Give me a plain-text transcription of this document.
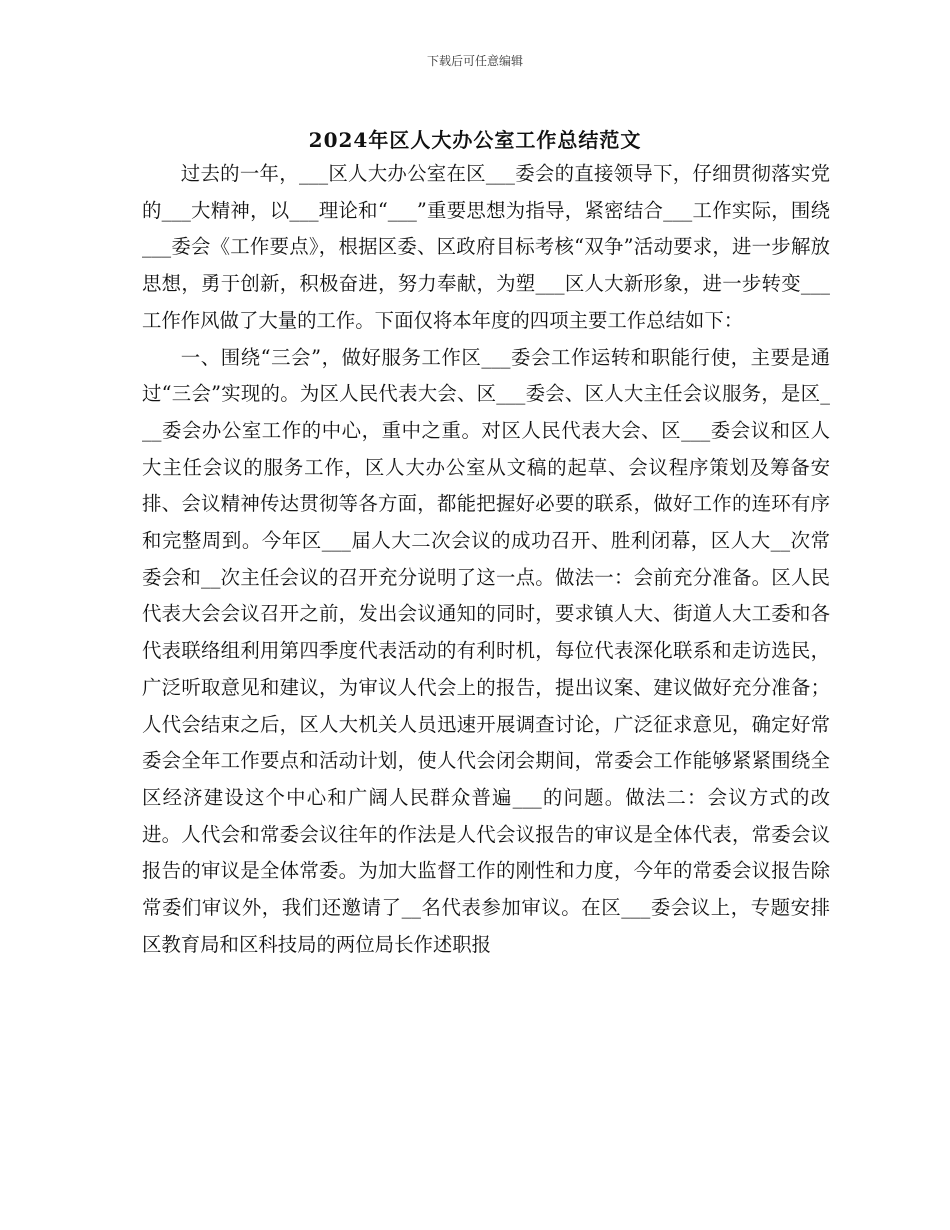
下载后可任意编辑
2024年区人大办公室工作总结范文

过去的一年，___区人大办公室在区___委会的直接领导下，仔细贯彻落实党的___大精神，以___理论和“___”重要思想为指导，紧密结合___工作实际，围绕___委会《工作要点》，根据区委、区政府目标考核“双争”活动要求，进一步解放思想，勇于创新，积极奋进，努力奉献，为塑___区人大新形象，进一步转变___工作作风做了大量的工作。下面仅将本年度的四项主要工作总结如下：

一、围绕“三会”，做好服务工作区___委会工作运转和职能行使，主要是通过“三会”实现的。为区人民代表大会、区___委会、区人大主任会议服务，是区___委会办公室工作的中心，重中之重。对区人民代表大会、区___委会议和区人大主任会议的服务工作，区人大办公室从文稿的起草、会议程序策划及筹备安排、会议精神传达贯彻等各方面，都能把握好必要的联系，做好工作的连环有序和完整周到。今年区___届人大二次会议的成功召开、胜利闭幕，区人大__次常委会和__次主任会议的召开充分说明了这一点。做法一：会前充分准备。区人民代表大会会议召开之前，发出会议通知的同时，要求镇人大、街道人大工委和各代表联络组利用第四季度代表活动的有利时机，每位代表深化联系和走访选民，广泛听取意见和建议，为审议人代会上的报告，提出议案、建议做好充分准备；人代会结束之后，区人大机关人员迅速开展调查讨论，广泛征求意见，确定好常委会全年工作要点和活动计划，使人代会闭会期间，常委会工作能够紧紧围绕全区经济建设这个中心和广阔人民群众普遍___的问题。做法二：会议方式的改进。人代会和常委会议往年的作法是人代会议报告的审议是全体代表，常委会议报告的审议是全体常委。为加大监督工作的刚性和力度，今年的常委会议报告除常委们审议外，我们还邀请了__名代表参加审议。在区___委会议上，专题安排区教育局和区科技局的两位局长作述职报
